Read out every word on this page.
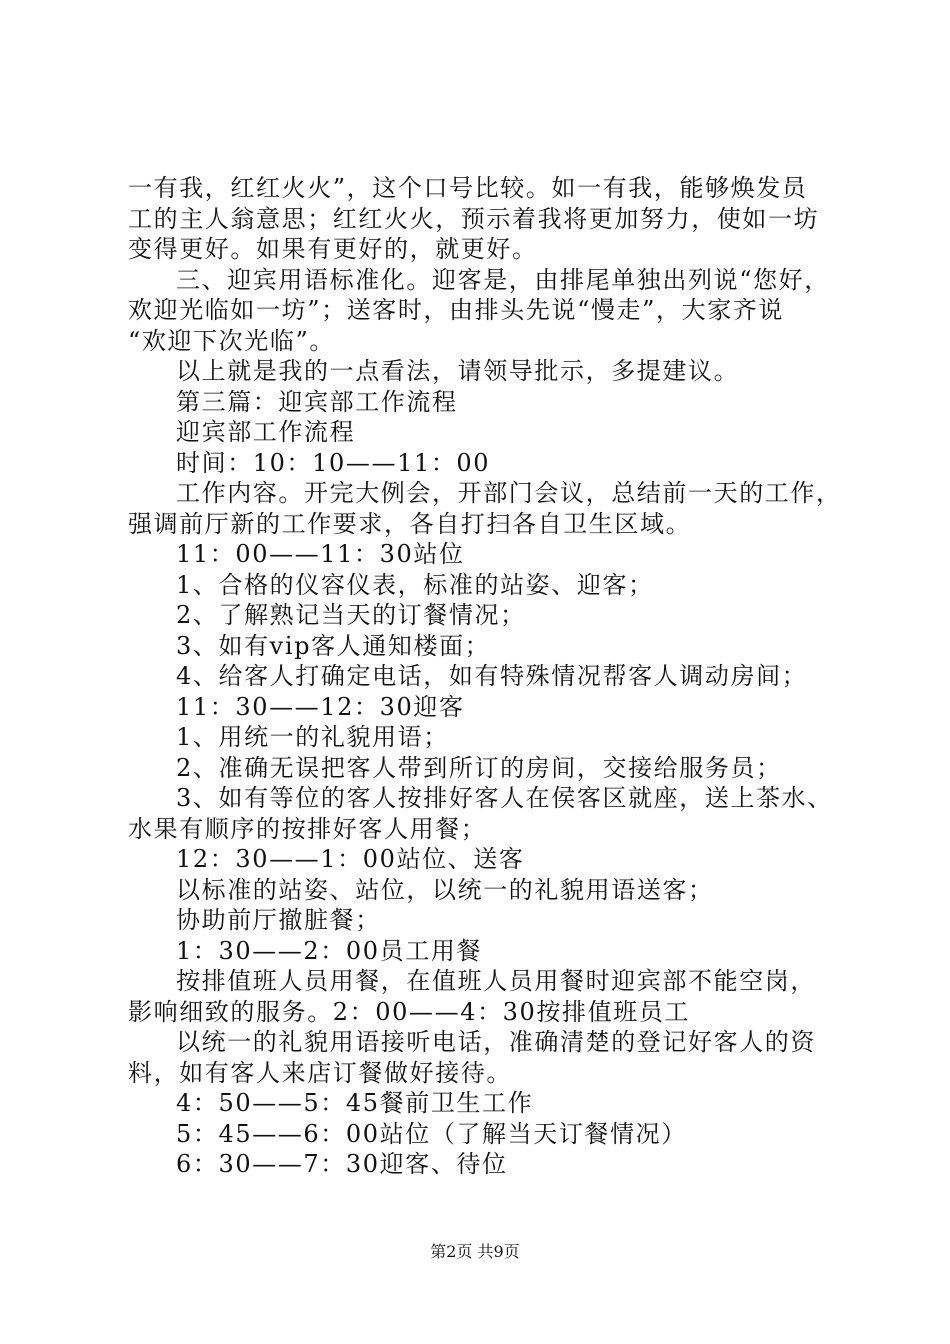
一有我，红红火火”，这个口号比较。如一有我，能够焕发员
工的主人翁意思；红红火火，预示着我将更加努力，使如一坊
变得更好。如果有更好的，就更好。
三、迎宾用语标准化。迎客是，由排尾单独出列说“您好，
欢迎光临如一坊”；送客时，由排头先说“慢走”，大家齐说
“欢迎下次光临”。
以上就是我的一点看法，请领导批示，多提建议。
第三篇：迎宾部工作流程
迎宾部工作流程
时间：10：10——11：00
工作内容。开完大例会，开部门会议，总结前一天的工作，
强调前厅新的工作要求，各自打扫各自卫生区域。
11：00——11：30站位
1、合格的仪容仪表，标准的站姿、迎客；
2、了解熟记当天的订餐情况；
3、如有vip客人通知楼面；
4、给客人打确定电话，如有特殊情况帮客人调动房间；
11：30——12：30迎客
1、用统一的礼貌用语；
2、准确无误把客人带到所订的房间，交接给服务员；
3、如有等位的客人按排好客人在侯客区就座，送上茶水、
水果有顺序的按排好客人用餐；
12：30——1：00站位、送客
以标准的站姿、站位，以统一的礼貌用语送客；
协助前厅撤脏餐；
1：30——2：00员工用餐
按排值班人员用餐，在值班人员用餐时迎宾部不能空岗，
影响细致的服务。2：00——4：30按排值班员工
以统一的礼貌用语接听电话，准确清楚的登记好客人的资
料，如有客人来店订餐做好接待。
4：50——5：45餐前卫生工作
5：45——6：00站位（了解当天订餐情况）
6：30——7：30迎客、待位
第2页 共9页
